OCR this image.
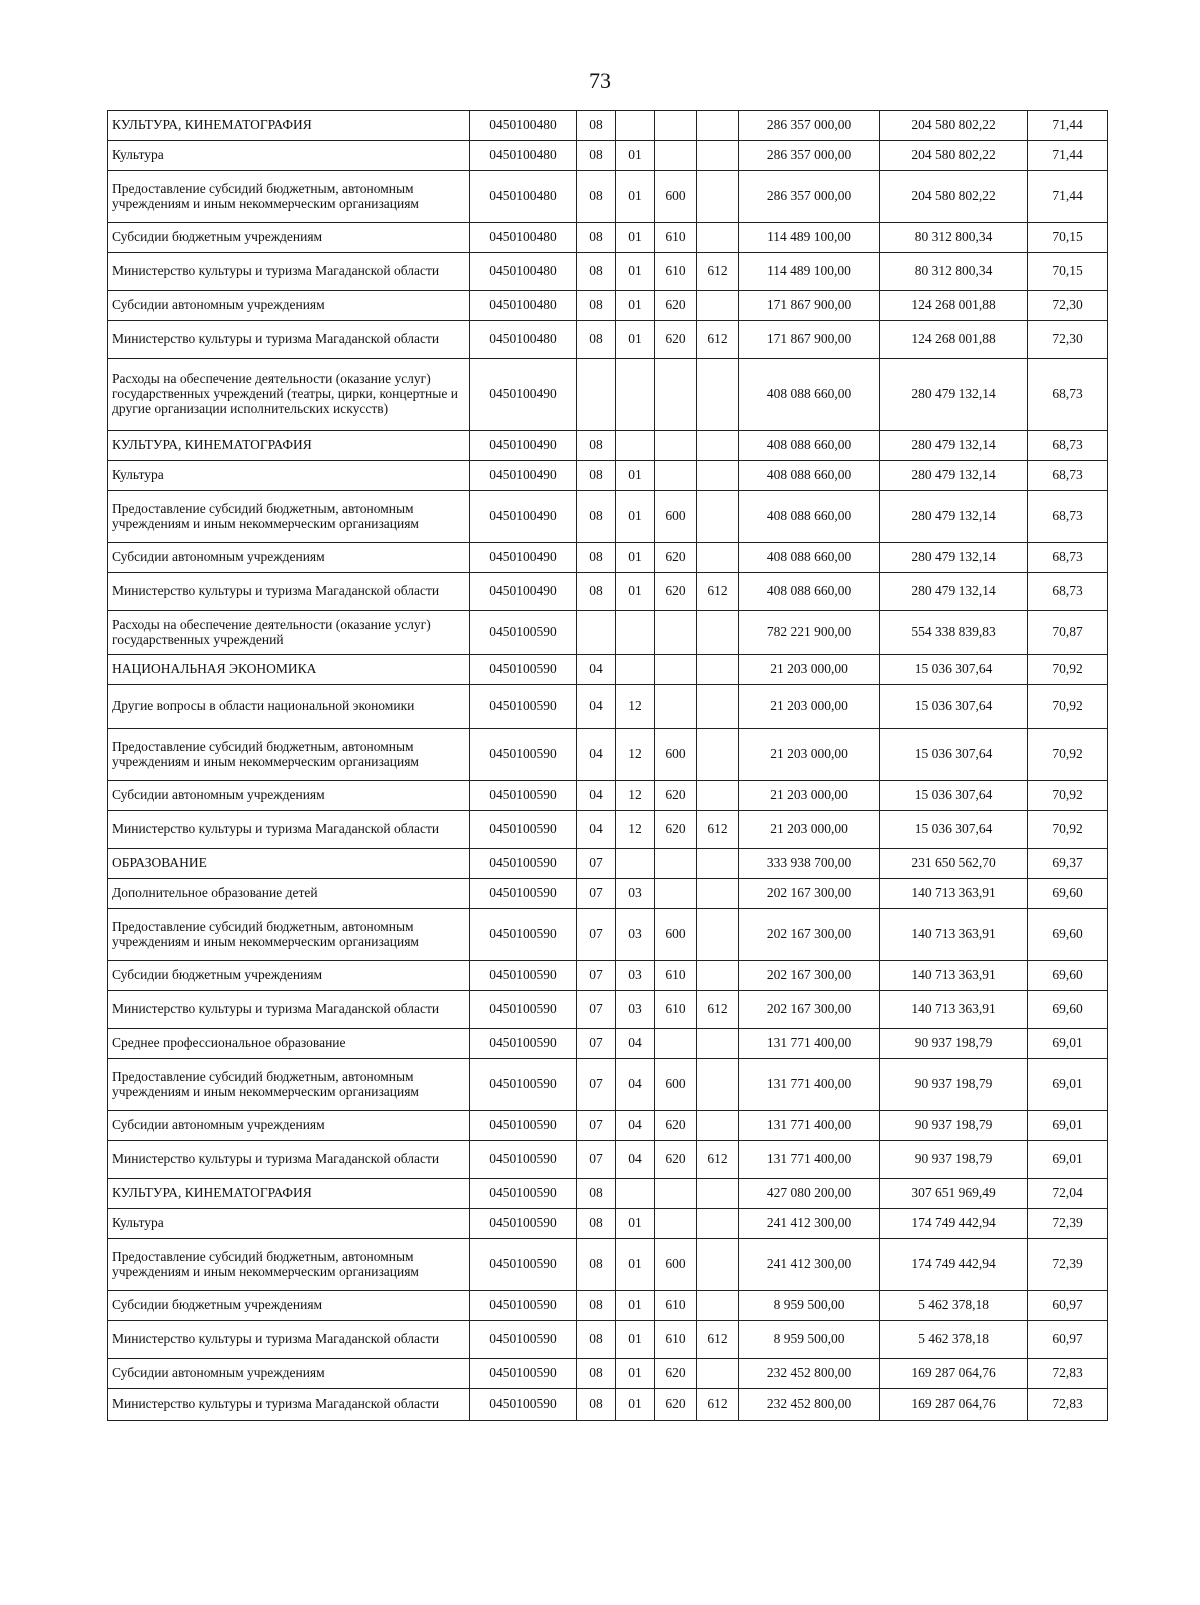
73
КУЛЬТУРА, КИНЕМАТОГРАФИЯ	0450100480	08				286 357 000,00	204 580 802,22	71,44
Культура	0450100480	08	01			286 357 000,00	204 580 802,22	71,44
Предоставление субсидий бюджетным, автономным учреждениям и иным некоммерческим организациям	0450100480	08	01	600		286 357 000,00	204 580 802,22	71,44
Субсидии бюджетным учреждениям	0450100480	08	01	610		114 489 100,00	80 312 800,34	70,15
Министерство культуры и туризма Магаданской области	0450100480	08	01	610	612	114 489 100,00	80 312 800,34	70,15
Субсидии автономным учреждениям	0450100480	08	01	620		171 867 900,00	124 268 001,88	72,30
Министерство культуры и туризма Магаданской области	0450100480	08	01	620	612	171 867 900,00	124 268 001,88	72,30
Расходы на обеспечение деятельности (оказание услуг) государственных учреждений (театры, цирки, концертные и другие организации исполнительских искусств)	0450100490					408 088 660,00	280 479 132,14	68,73
КУЛЬТУРА, КИНЕМАТОГРАФИЯ	0450100490	08				408 088 660,00	280 479 132,14	68,73
Культура	0450100490	08	01			408 088 660,00	280 479 132,14	68,73
Предоставление субсидий бюджетным, автономным учреждениям и иным некоммерческим организациям	0450100490	08	01	600		408 088 660,00	280 479 132,14	68,73
Субсидии автономным учреждениям	0450100490	08	01	620		408 088 660,00	280 479 132,14	68,73
Министерство культуры и туризма Магаданской области	0450100490	08	01	620	612	408 088 660,00	280 479 132,14	68,73
Расходы на обеспечение деятельности (оказание услуг) государственных учреждений	0450100590					782 221 900,00	554 338 839,83	70,87
НАЦИОНАЛЬНАЯ ЭКОНОМИКА	0450100590	04				21 203 000,00	15 036 307,64	70,92
Другие вопросы в области национальной экономики	0450100590	04	12			21 203 000,00	15 036 307,64	70,92
Предоставление субсидий бюджетным, автономным учреждениям и иным некоммерческим организациям	0450100590	04	12	600		21 203 000,00	15 036 307,64	70,92
Субсидии автономным учреждениям	0450100590	04	12	620		21 203 000,00	15 036 307,64	70,92
Министерство культуры и туризма Магаданской области	0450100590	04	12	620	612	21 203 000,00	15 036 307,64	70,92
ОБРАЗОВАНИЕ	0450100590	07				333 938 700,00	231 650 562,70	69,37
Дополнительное образование детей	0450100590	07	03			202 167 300,00	140 713 363,91	69,60
Предоставление субсидий бюджетным, автономным учреждениям и иным некоммерческим организациям	0450100590	07	03	600		202 167 300,00	140 713 363,91	69,60
Субсидии бюджетным учреждениям	0450100590	07	03	610		202 167 300,00	140 713 363,91	69,60
Министерство культуры и туризма Магаданской области	0450100590	07	03	610	612	202 167 300,00	140 713 363,91	69,60
Среднее профессиональное образование	0450100590	07	04			131 771 400,00	90 937 198,79	69,01
Предоставление субсидий бюджетным, автономным учреждениям и иным некоммерческим организациям	0450100590	07	04	600		131 771 400,00	90 937 198,79	69,01
Субсидии автономным учреждениям	0450100590	07	04	620		131 771 400,00	90 937 198,79	69,01
Министерство культуры и туризма Магаданской области	0450100590	07	04	620	612	131 771 400,00	90 937 198,79	69,01
КУЛЬТУРА, КИНЕМАТОГРАФИЯ	0450100590	08				427 080 200,00	307 651 969,49	72,04
Культура	0450100590	08	01			241 412 300,00	174 749 442,94	72,39
Предоставление субсидий бюджетным, автономным учреждениям и иным некоммерческим организациям	0450100590	08	01	600		241 412 300,00	174 749 442,94	72,39
Субсидии бюджетным учреждениям	0450100590	08	01	610		8 959 500,00	5 462 378,18	60,97
Министерство культуры и туризма Магаданской области	0450100590	08	01	610	612	8 959 500,00	5 462 378,18	60,97
Субсидии автономным учреждениям	0450100590	08	01	620		232 452 800,00	169 287 064,76	72,83
Министерство культуры и туризма Магаданской области	0450100590	08	01	620	612	232 452 800,00	169 287 064,76	72,83
